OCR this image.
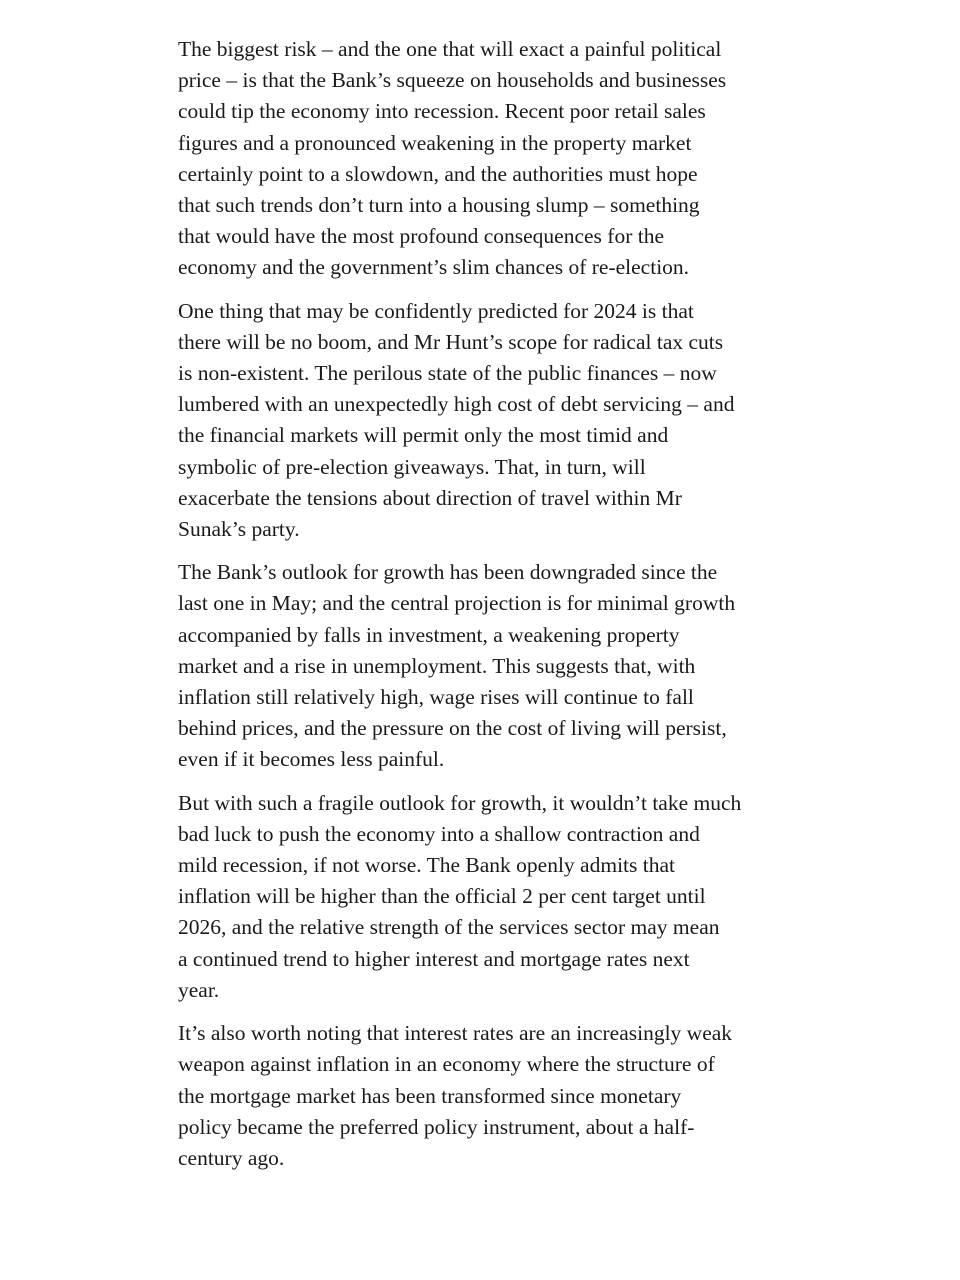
The biggest risk – and the one that will exact a painful political
price – is that the Bank’s squeeze on households and businesses
could tip the economy into recession. Recent poor retail sales
figures and a pronounced weakening in the property market
certainly point to a slowdown, and the authorities must hope
that such trends don’t turn into a housing slump – something
that would have the most profound consequences for the
economy and the government’s slim chances of re-election.

One thing that may be confidently predicted for 2024 is that
there will be no boom, and Mr Hunt’s scope for radical tax cuts
is non-existent. The perilous state of the public finances – now
lumbered with an unexpectedly high cost of debt servicing – and
the financial markets will permit only the most timid and
symbolic of pre-election giveaways. That, in turn, will
exacerbate the tensions about direction of travel within Mr
Sunak’s party.

The Bank’s outlook for growth has been downgraded since the
last one in May; and the central projection is for minimal growth
accompanied by falls in investment, a weakening property
market and a rise in unemployment. This suggests that, with
inflation still relatively high, wage rises will continue to fall
behind prices, and the pressure on the cost of living will persist,
even if it becomes less painful.

But with such a fragile outlook for growth, it wouldn’t take much
bad luck to push the economy into a shallow contraction and
mild recession, if not worse. The Bank openly admits that
inflation will be higher than the official 2 per cent target until
2026, and the relative strength of the services sector may mean
a continued trend to higher interest and mortgage rates next
year.

It’s also worth noting that interest rates are an increasingly weak
weapon against inflation in an economy where the structure of
the mortgage market has been transformed since monetary
policy became the preferred policy instrument, about a half-
century ago.
